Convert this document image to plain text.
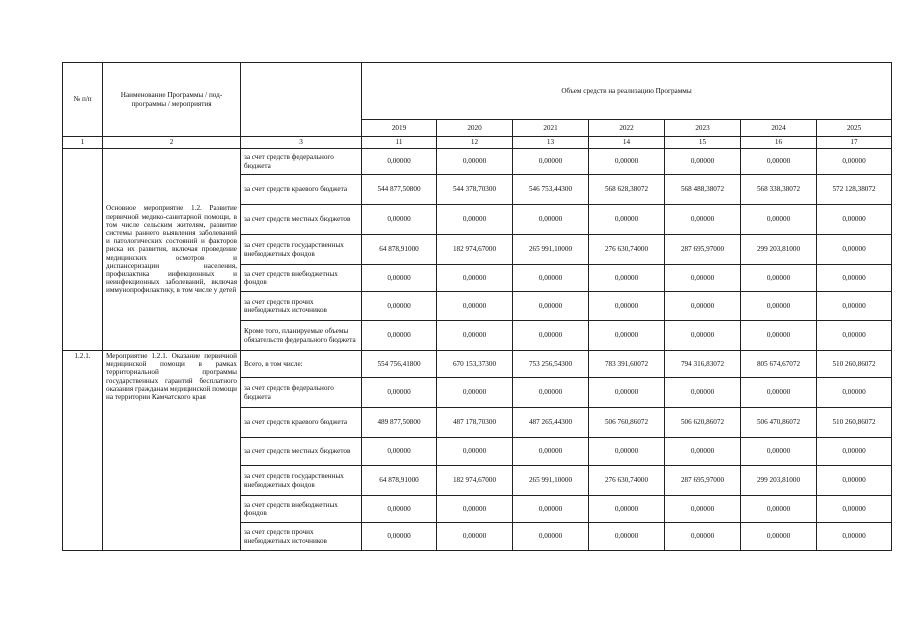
№ п/п	Наименование Программы / под-программы / мероприятия		Объем средств на реализацию Программы						
			2019	2020	2021	2022	2023	2024	2025
1	2	3	11	12	13	14	15	16	17
	Основное мероприятие 1.2. Развитие первичной медико-санитарной помощи, в том числе сельским жителям, развитие системы раннего выявления заболеваний и патологических состояний и факторов риска их развития, включая проведение медицинских осмотров и диспансеризации населения, профилактика инфекционных и неинфекционных заболеваний, включая иммунопрофилактику, в том числе у детей	за счет средств федерального бюджета	0,00000	0,00000	0,00000	0,00000	0,00000	0,00000	0,00000
		за счет средств краевого бюджета	544 877,50800	544 378,70300	546 753,44300	568 628,38072	568 488,38072	568 338,38072	572 128,38072
		за счет средств местных бюджетов	0,00000	0,00000	0,00000	0,00000	0,00000	0,00000	0,00000
		за счет средств государственных внебюджетных фондов	64 878,91000	182 974,67000	265 991,10000	276 630,74000	287 695,97000	299 203,81000	0,00000
		за счет средств внебюджетных фондов	0,00000	0,00000	0,00000	0,00000	0,00000	0,00000	0,00000
		за счет средств прочих внебюджетных источников	0,00000	0,00000	0,00000	0,00000	0,00000	0,00000	0,00000
		Кроме того, планируемые объемы обязательств федерального бюджета	0,00000	0,00000	0,00000	0,00000	0,00000	0,00000	0,00000
1.2.1.	Мероприятие 1.2.1. Оказание первичной медицинской помощи в рамках территориальной программы государственных гарантий бесплатного оказания гражданам медицинской помощи на территории Камчатского края	Всего, в том числе:	554 756,41800	670 153,37300	753 256,54300	783 391,60072	794 316,83072	805 674,67072	510 260,86072
		за счет средств федерального бюджета	0,00000	0,00000	0,00000	0,00000	0,00000	0,00000	0,00000
		за счет средств краевого бюджета	489 877,50800	487 178,70300	487 265,44300	506 760,86072	506 620,86072	506 470,86072	510 260,86072
		за счет средств местных бюджетов	0,00000	0,00000	0,00000	0,00000	0,00000	0,00000	0,00000
		за счет средств государственных внебюджетных фондов	64 878,91000	182 974,67000	265 991,10000	276 630,74000	287 695,97000	299 203,81000	0,00000
		за счет средств внебюджетных фондов	0,00000	0,00000	0,00000	0,00000	0,00000	0,00000	0,00000
		за счет средств прочих внебюджетных источников	0,00000	0,00000	0,00000	0,00000	0,00000	0,00000	0,00000
